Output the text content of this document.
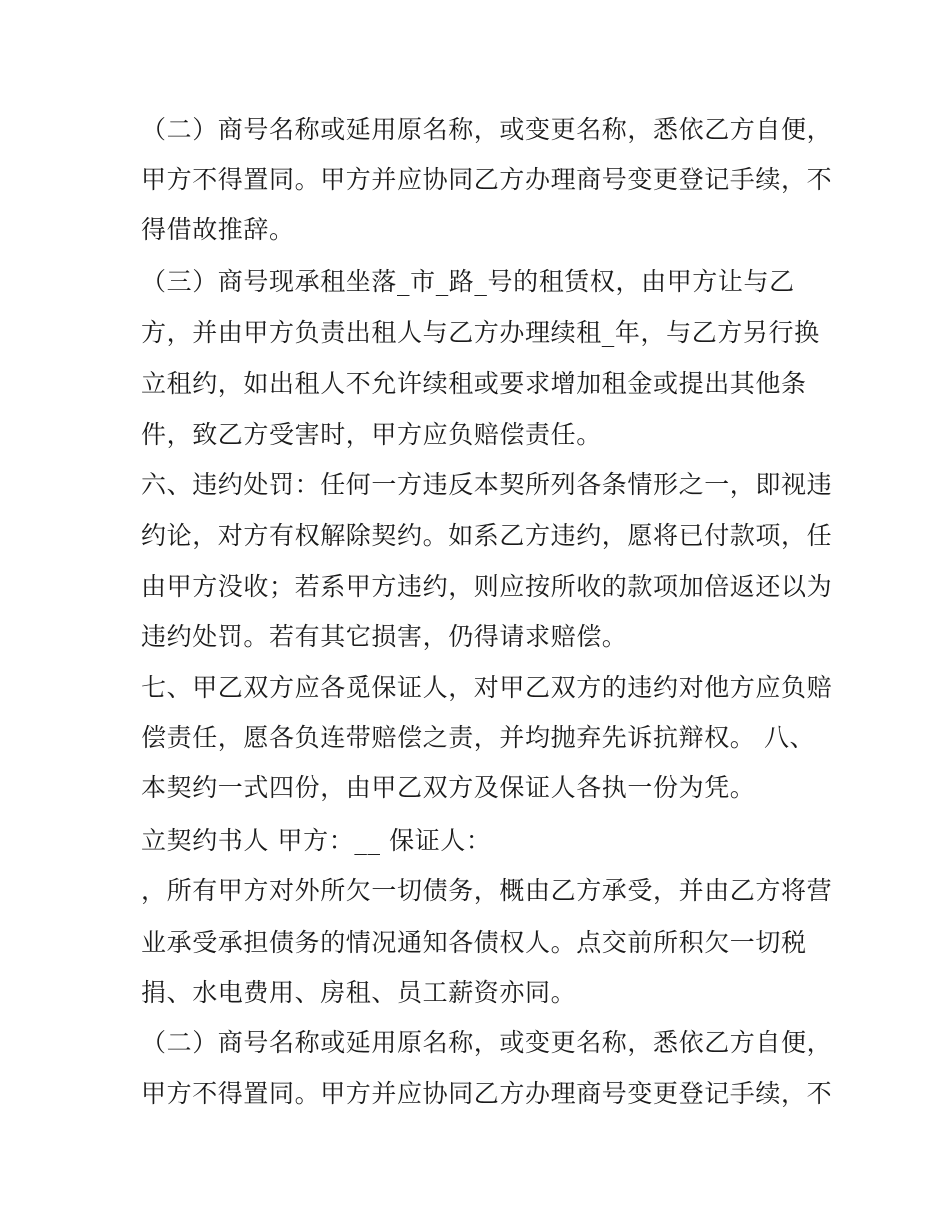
（二）商号名称或延用原名称，或变更名称，悉依乙方自便，
甲方不得置同。甲方并应协同乙方办理商号变更登记手续，不
得借故推辞。
（三）商号现承租坐落_市_路_号的租赁权，由甲方让与乙
方，并由甲方负责出租人与乙方办理续租_年，与乙方另行换
立租约，如出租人不允许续租或要求增加租金或提出其他条
件，致乙方受害时，甲方应负赔偿责任。
六、违约处罚：任何一方违反本契所列各条情形之一，即视违
约论，对方有权解除契约。如系乙方违约，愿将已付款项，任
由甲方没收；若系甲方违约，则应按所收的款项加倍返还以为
违约处罚。若有其它损害，仍得请求赔偿。
七、甲乙双方应各觅保证人，对甲乙双方的违约对他方应负赔
偿责任，愿各负连带赔偿之责，并均抛弃先诉抗辩权。 八、
本契约一式四份，由甲乙双方及保证人各执一份为凭。
立契约书人 甲方：__ 保证人：
，所有甲方对外所欠一切债务，概由乙方承受，并由乙方将营
业承受承担债务的情况通知各债权人。点交前所积欠一切税
捐、水电费用、房租、员工薪资亦同。
（二）商号名称或延用原名称，或变更名称，悉依乙方自便，
甲方不得置同。甲方并应协同乙方办理商号变更登记手续，不
